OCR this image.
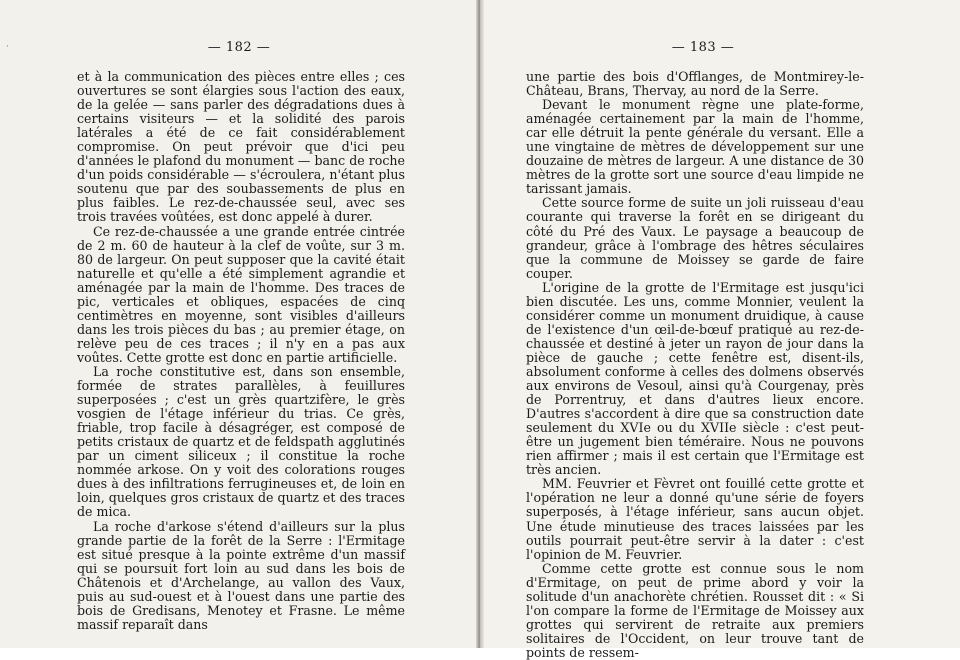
— 182 —

et à la communication des pièces entre elles ; ces ouvertures se sont élargies sous l'action des eaux, de la gelée — sans parler des dégradations dues à certains visiteurs — et la solidité des parois latérales a été de ce fait considérablement compromise. On peut prévoir que d'ici peu d'années le plafond du monument — banc de roche d'un poids considérable — s'écroulera, n'étant plus soutenu que par des soubassements de plus en plus faibles. Le rez-de-chaussée seul, avec ses trois travées voûtées, est donc appelé à durer.

Ce rez-de-chaussée a une grande entrée cintrée de 2 m. 60 de hauteur à la clef de voûte, sur 3 m. 80 de largeur. On peut supposer que la cavité était naturelle et qu'elle a été simplement agrandie et aménagée par la main de l'homme. Des traces de pic, verticales et obliques, espacées de cinq centimètres en moyenne, sont visibles d'ailleurs dans les trois pièces du bas ; au premier étage, on relève peu de ces traces ; il n'y en a pas aux voûtes. Cette grotte est donc en partie artificielle.

La roche constitutive est, dans son ensemble, formée de strates parallèles, à feuillures superposées ; c'est un grès quartzifère, le grès vosgien de l'étage inférieur du trias. Ce grès, friable, trop facile à désagréger, est composé de petits cristaux de quartz et de feldspath agglutinés par un ciment siliceux ; il constitue la roche nommée arkose. On y voit des colorations rouges dues à des infiltrations ferrugineuses et, de loin en loin, quelques gros cristaux de quartz et des traces de mica.

La roche d'arkose s'étend d'ailleurs sur la plus grande partie de la forêt de la Serre : l'Ermitage est situé presque à la pointe extrême d'un massif qui se poursuit fort loin au sud dans les bois de Châtenois et d'Archelange, au vallon des Vaux, puis au sud-ouest et à l'ouest dans une partie des bois de Gredisans, Menotey et Frasne. Le même massif reparaît dans

— 183 —

une partie des bois d'Offlanges, de Montmirey-le-Château, Brans, Thervay, au nord de la Serre.

Devant le monument règne une plate-forme, aménagée certainement par la main de l'homme, car elle détruit la pente générale du versant. Elle a une vingtaine de mètres de développement sur une douzaine de mètres de largeur. A une distance de 30 mètres de la grotte sort une source d'eau limpide ne tarissant jamais.

Cette source forme de suite un joli ruisseau d'eau courante qui traverse la forêt en se dirigeant du côté du Pré des Vaux. Le paysage a beaucoup de grandeur, grâce à l'ombrage des hêtres séculaires que la commune de Moissey se garde de faire couper.

L'origine de la grotte de l'Ermitage est jusqu'ici bien discutée. Les uns, comme Monnier, veulent la considérer comme un monument druidique, à cause de l'existence d'un œil-de-bœuf pratiqué au rez-de-chaussée et destiné à jeter un rayon de jour dans la pièce de gauche ; cette fenêtre est, disent-ils, absolument conforme à celles des dolmens observés aux environs de Vesoul, ainsi qu'à Courgenay, près de Porrentruy, et dans d'autres lieux encore. D'autres s'accordent à dire que sa construction date seulement du XVIe ou du XVIIe siècle : c'est peut-être un jugement bien téméraire. Nous ne pouvons rien affirmer ; mais il est certain que l'Ermitage est très ancien.

MM. Feuvrier et Fèvret ont fouillé cette grotte et l'opération ne leur a donné qu'une série de foyers superposés, à l'étage inférieur, sans aucun objet. Une étude minutieuse des traces laissées par les outils pourrait peut-être servir à la dater : c'est l'opinion de M. Feuvrier.

Comme cette grotte est connue sous le nom d'Ermitage, on peut de prime abord y voir la solitude d'un anachorète chrétien. Rousset dit : « Si l'on compare la forme de l'Ermitage de Moissey aux grottes qui servirent de retraite aux premiers solitaires de l'Occident, on leur trouve tant de points de ressem-

·
